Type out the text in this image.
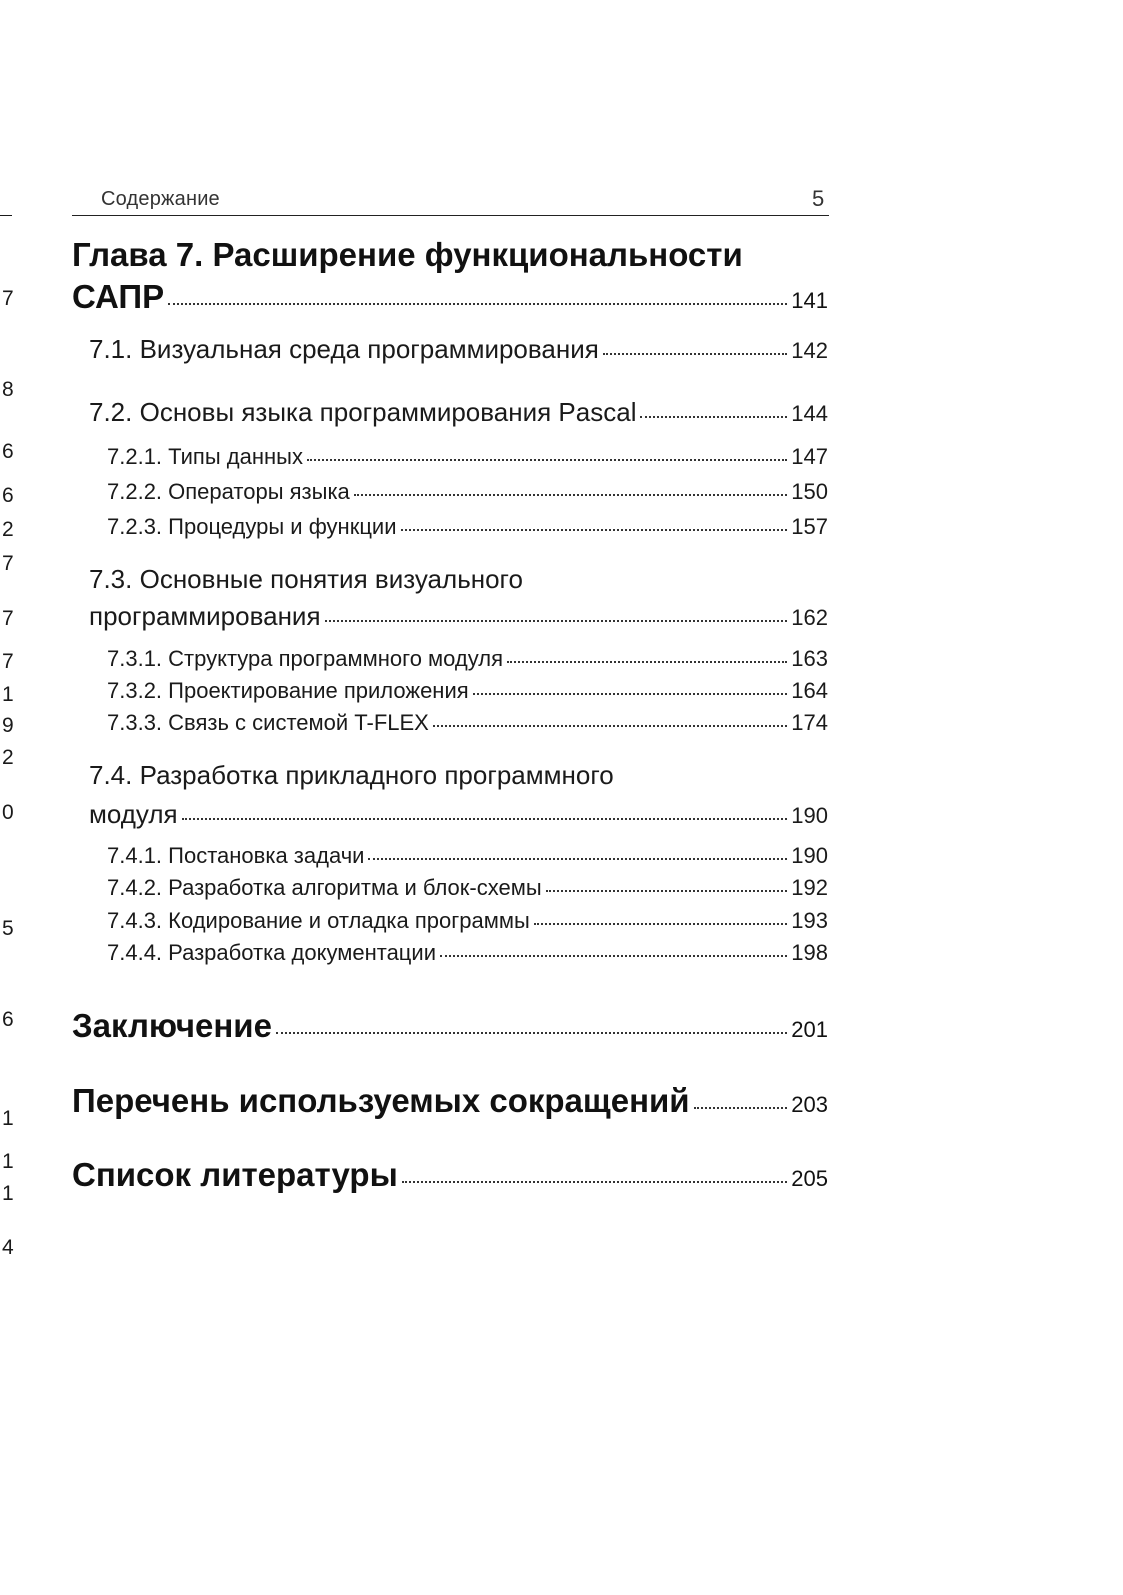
7
8
6
6
2
7
7
7
1
9
2
0
5
6
1
1
1
4
Содержание	5
Глава 7. Расширение функциональности
САПР	141
7.1. Визуальная среда программирования	142
7.2. Основы языка программирования Pascal	144
7.2.1. Типы данных	147
7.2.2. Операторы языка	150
7.2.3. Процедуры и функции	157
7.3. Основные понятия визуального
программирования	162
7.3.1. Структура программного модуля	163
7.3.2. Проектирование приложения	164
7.3.3. Связь с системой T-FLEX	174
7.4. Разработка прикладного программного
модуля	190
7.4.1. Постановка задачи	190
7.4.2. Разработка алгоритма и блок-схемы	192
7.4.3. Кодирование и отладка программы	193
7.4.4. Разработка документации	198
Заключение	201
Перечень используемых сокращений	203
Список литературы	205
